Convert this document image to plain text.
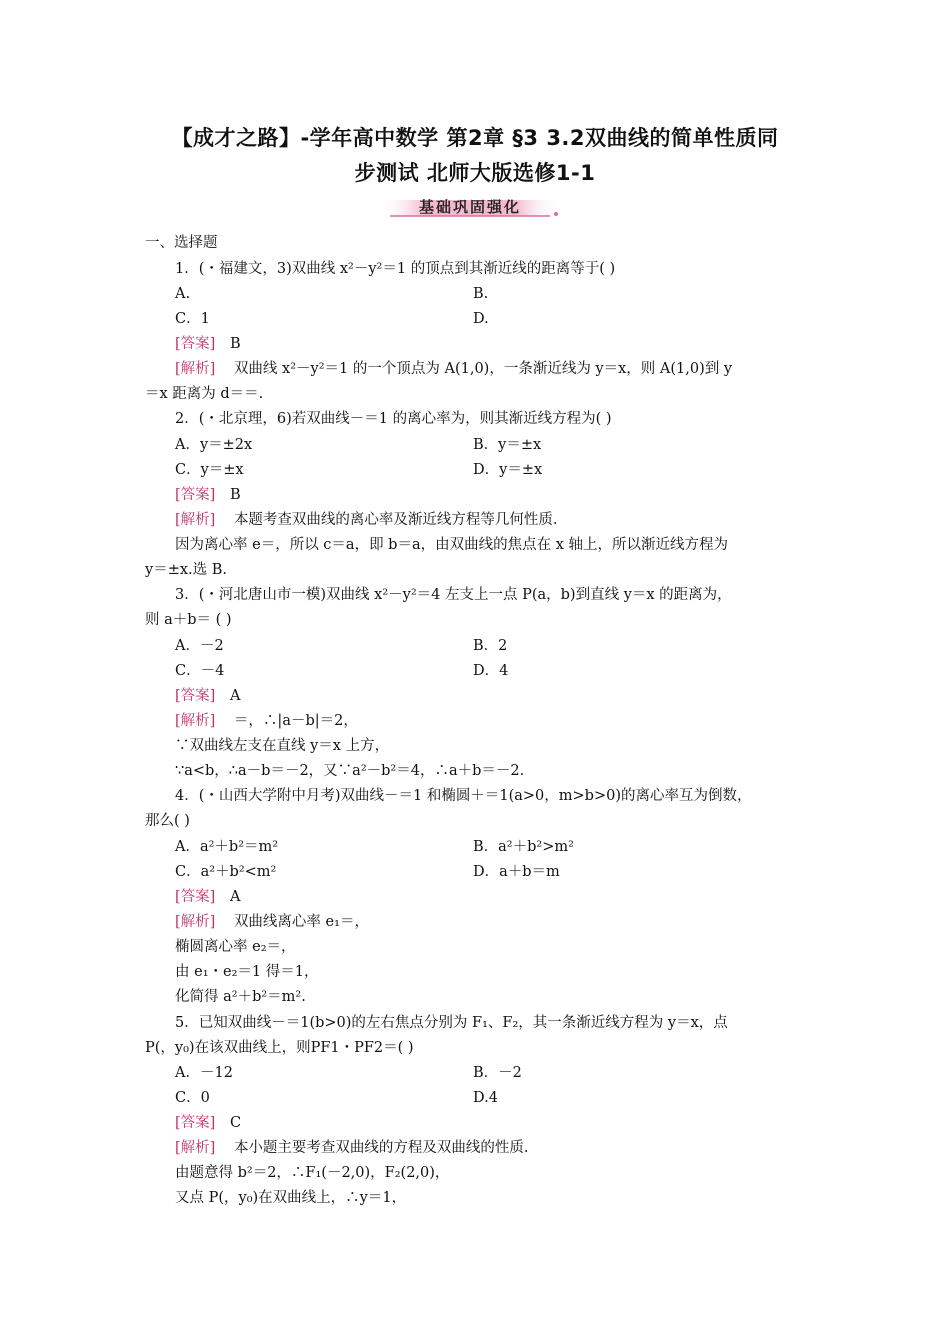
【成才之路】-学年高中数学 第2章 §3 3.2双曲线的简单性质同
步测试 北师大版选修1-1
基础巩固强化
一、选择题
1．(・福建文，3)双曲线 x²－y²＝1 的顶点到其渐近线的距离等于( )
A.	B.
C．1	D.
[答案] B
[解析] 双曲线 x²－y²＝1 的一个顶点为 A(1,0)，一条渐近线为 y＝x，则 A(1,0)到 y
＝x 距离为 d＝＝.
2．(・北京理，6)若双曲线－＝1 的离心率为，则其渐近线方程为( )
A．y＝±2x	B．y＝±x
C．y＝±x	D．y＝±x
[答案] B
[解析] 本题考查双曲线的离心率及渐近线方程等几何性质.
因为离心率 e＝，所以 c＝a，即 b＝a，由双曲线的焦点在 x 轴上，所以渐近线方程为
y＝±x.选 B.
3．(・河北唐山市一模)双曲线 x²－y²＝4 左支上一点 P(a，b)到直线 y＝x 的距离为，
则 a＋b＝ ( )
A．－2	B．2
C．－4	D．4
[答案] A
[解析] ＝，∴|a－b|＝2，
∵双曲线左支在直线 y＝x 上方，
∵a<b，∴a－b＝－2，又∵a²－b²＝4，∴a＋b＝－2.
4．(・山西大学附中月考)双曲线－＝1 和椭圆＋＝1(a>0，m>b>0)的离心率互为倒数，
那么( )
A．a²＋b²＝m²	B．a²＋b²>m²
C．a²＋b²<m²	D．a＋b＝m
[答案] A
[解析] 双曲线离心率 e₁＝，
椭圆离心率 e₂＝，
由 e₁・e₂＝1 得＝1，
化简得 a²＋b²＝m².
5．已知双曲线－＝1(b>0)的左右焦点分别为 F₁、F₂，其一条渐近线方程为 y＝x，点
P(，y₀)在该双曲线上，则PF1・PF2＝( )
A．－12	B．－2
C．0	D.4
[答案] C
[解析] 本小题主要考查双曲线的方程及双曲线的性质.
由题意得 b²＝2，∴F₁(－2,0)，F₂(2,0)，
又点 P(，y₀)在双曲线上，∴y＝1，
